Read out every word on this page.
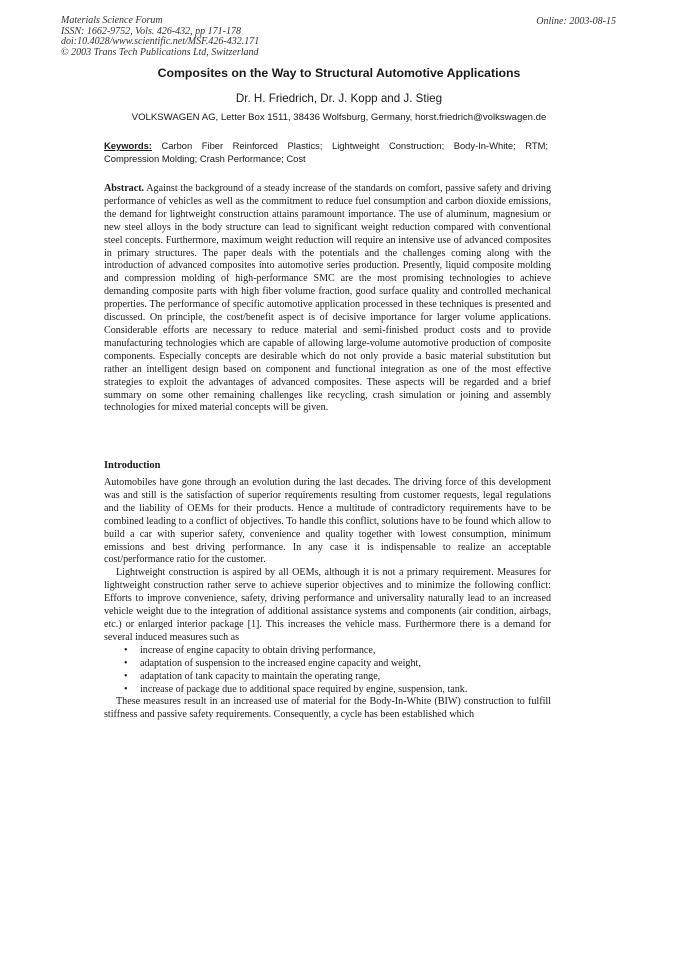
Materials Science Forum
ISSN: 1662-9752, Vols. 426-432, pp 171-178
doi:10.4028/www.scientific.net/MSF.426-432.171
© 2003 Trans Tech Publications Ltd, Switzerland
Online: 2003-08-15
Composites on the Way to Structural Automotive Applications
Dr. H. Friedrich, Dr. J. Kopp and J. Stieg
VOLKSWAGEN AG, Letter Box 1511, 38436 Wolfsburg, Germany, horst.friedrich@volkswagen.de
Keywords: Carbon Fiber Reinforced Plastics; Lightweight Construction; Body-In-White; RTM; Compression Molding; Crash Performance; Cost
Abstract. Against the background of a steady increase of the standards on comfort, passive safety and driving performance of vehicles as well as the commitment to reduce fuel consumption and carbon dioxide emissions, the demand for lightweight construction attains paramount importance. The use of aluminum, magnesium or new steel alloys in the body structure can lead to significant weight reduction compared with conventional steel concepts. Furthermore, maximum weight reduction will require an intensive use of advanced composites in primary structures. The paper deals with the potentials and the challenges coming along with the introduction of advanced composites into automotive series production. Presently, liquid composite molding and compression molding of high-performance SMC are the most promising technologies to achieve demanding composite parts with high fiber volume fraction, good surface quality and controlled mechanical properties. The performance of specific automotive application processed in these techniques is presented and discussed. On principle, the cost/benefit aspect is of decisive importance for larger volume applications. Considerable efforts are necessary to reduce material and semi-finished product costs and to provide manufacturing technologies which are capable of allowing large-volume automotive production of composite components. Especially concepts are desirable which do not only provide a basic material substitution but rather an intelligent design based on component and functional integration as one of the most effective strategies to exploit the advantages of advanced composites. These aspects will be regarded and a brief summary on some other remaining challenges like recycling, crash simulation or joining and assembly technologies for mixed material concepts will be given.
Introduction

Automobiles have gone through an evolution during the last decades. The driving force of this development was and still is the satisfaction of superior requirements resulting from customer requests, legal regulations and the liability of OEMs for their products. Hence a multitude of contradictory requirements have to be combined leading to a conflict of objectives. To handle this conflict, solutions have to be found which allow to build a car with superior safety, convenience and quality together with lowest consumption, minimum emissions and best driving performance. In any case it is indispensable to realize an acceptable cost/performance ratio for the customer.

Lightweight construction is aspired by all OEMs, although it is not a primary requirement. Measures for lightweight construction rather serve to achieve superior objectives and to minimize the following conflict: Efforts to improve convenience, safety, driving performance and universality naturally lead to an increased vehicle weight due to the integration of additional assistance systems and components (air condition, airbags, etc.) or enlarged interior package [1]. This increases the vehicle mass. Furthermore there is a demand for several induced measures such as

• increase of engine capacity to obtain driving performance,
• adaptation of suspension to the increased engine capacity and weight,
• adaptation of tank capacity to maintain the operating range,
• increase of package due to additional space required by engine, suspension, tank.

These measures result in an increased use of material for the Body-In-White (BIW) construction to fulfill stiffness and passive safety requirements. Consequently, a cycle has been established which
